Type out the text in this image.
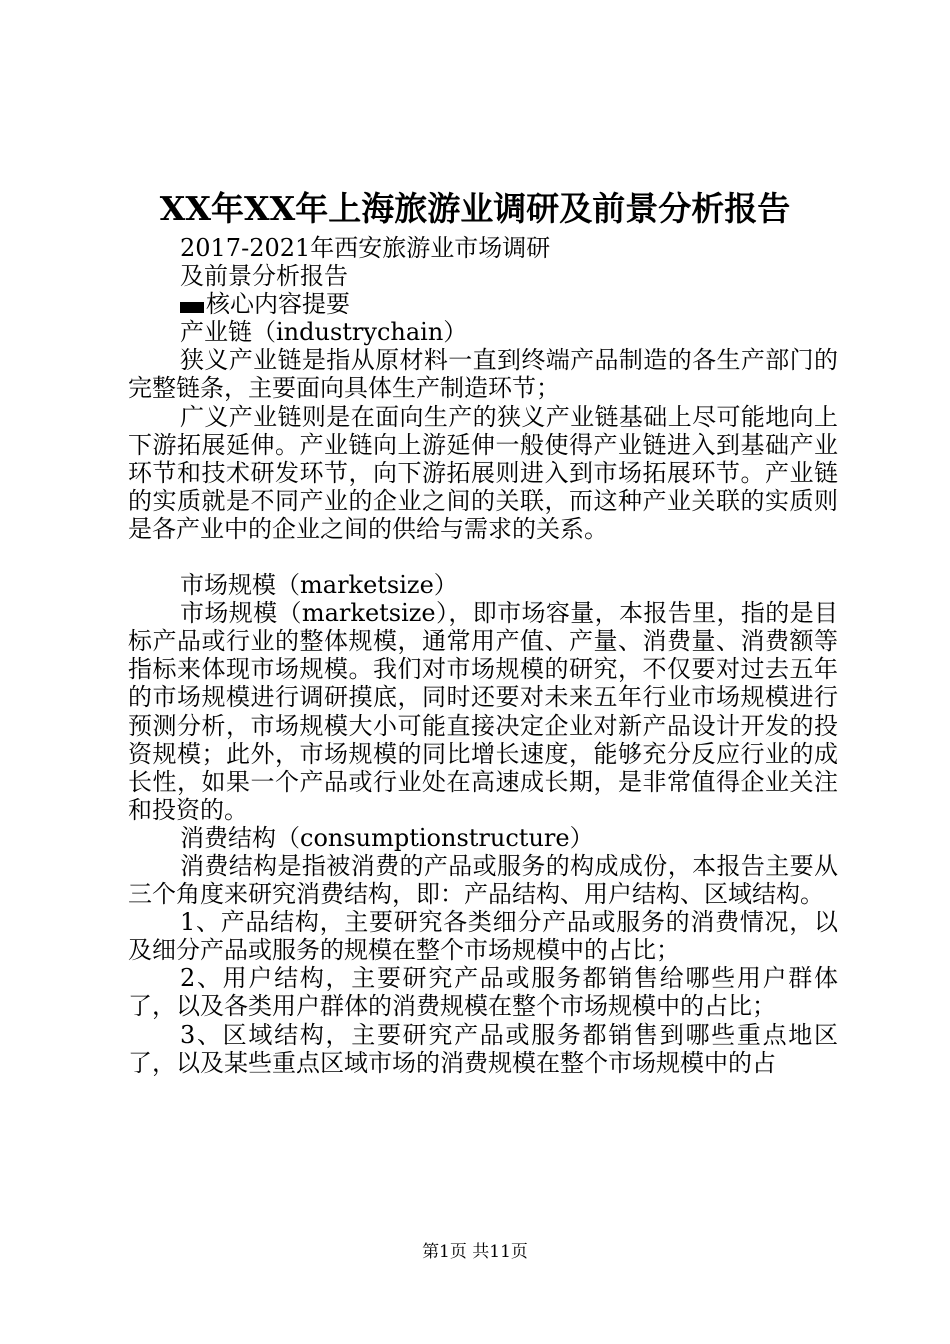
XX年XX年上海旅游业调研及前景分析报告

2017-2021年西安旅游业市场调研

及前景分析报告

核心内容提要

产业链（industrychain）

狭义产业链是指从原材料一直到终端产品制造的各生产部门的完整链条，主要面向具体生产制造环节；

广义产业链则是在面向生产的狭义产业链基础上尽可能地向上下游拓展延伸。产业链向上游延伸一般使得产业链进入到基础产业环节和技术研发环节，向下游拓展则进入到市场拓展环节。产业链的实质就是不同产业的企业之间的关联，而这种产业关联的实质则是各产业中的企业之间的供给与需求的关系。

市场规模（marketsize）

市场规模（marketsize），即市场容量，本报告里，指的是目标产品或行业的整体规模，通常用产值、产量、消费量、消费额等指标来体现市场规模。我们对市场规模的研究，不仅要对过去五年的市场规模进行调研摸底，同时还要对未来五年行业市场规模进行预测分析，市场规模大小可能直接决定企业对新产品设计开发的投资规模；此外，市场规模的同比增长速度，能够充分反应行业的成长性，如果一个产品或行业处在高速成长期，是非常值得企业关注和投资的。

消费结构（consumptionstructure）

消费结构是指被消费的产品或服务的构成成份，本报告主要从三个角度来研究消费结构，即：产品结构、用户结构、区域结构。

1、产品结构，主要研究各类细分产品或服务的消费情况，以及细分产品或服务的规模在整个市场规模中的占比；

2、用户结构，主要研究产品或服务都销售给哪些用户群体了，以及各类用户群体的消费规模在整个市场规模中的占比；

3、区域结构，主要研究产品或服务都销售到哪些重点地区了，以及某些重点区域市场的消费规模在整个市场规模中的占

第1页 共11页
